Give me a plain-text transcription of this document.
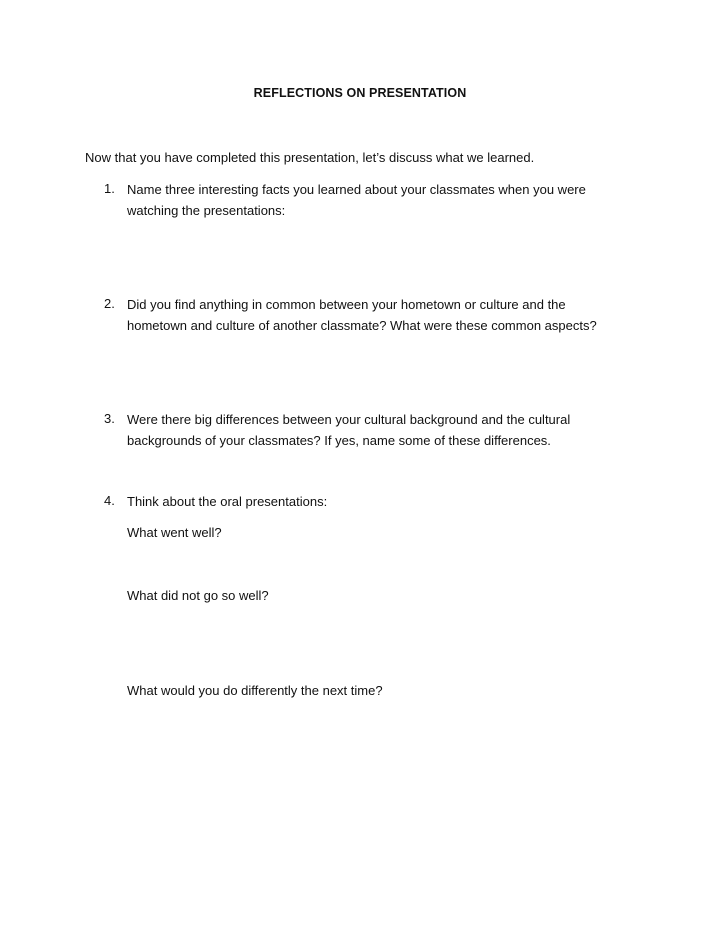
REFLECTIONS ON PRESENTATION
Now that you have completed this presentation, let’s discuss what we learned.
1. Name three interesting facts you learned about your classmates when you were watching the presentations:
2. Did you find anything in common between your hometown or culture and the hometown and culture of another classmate? What were these common aspects?
3. Were there big differences between your cultural background and the cultural backgrounds of your classmates? If yes, name some of these differences.
4. Think about the oral presentations:
What went well?
What did not go so well?
What would you do differently the next time?
